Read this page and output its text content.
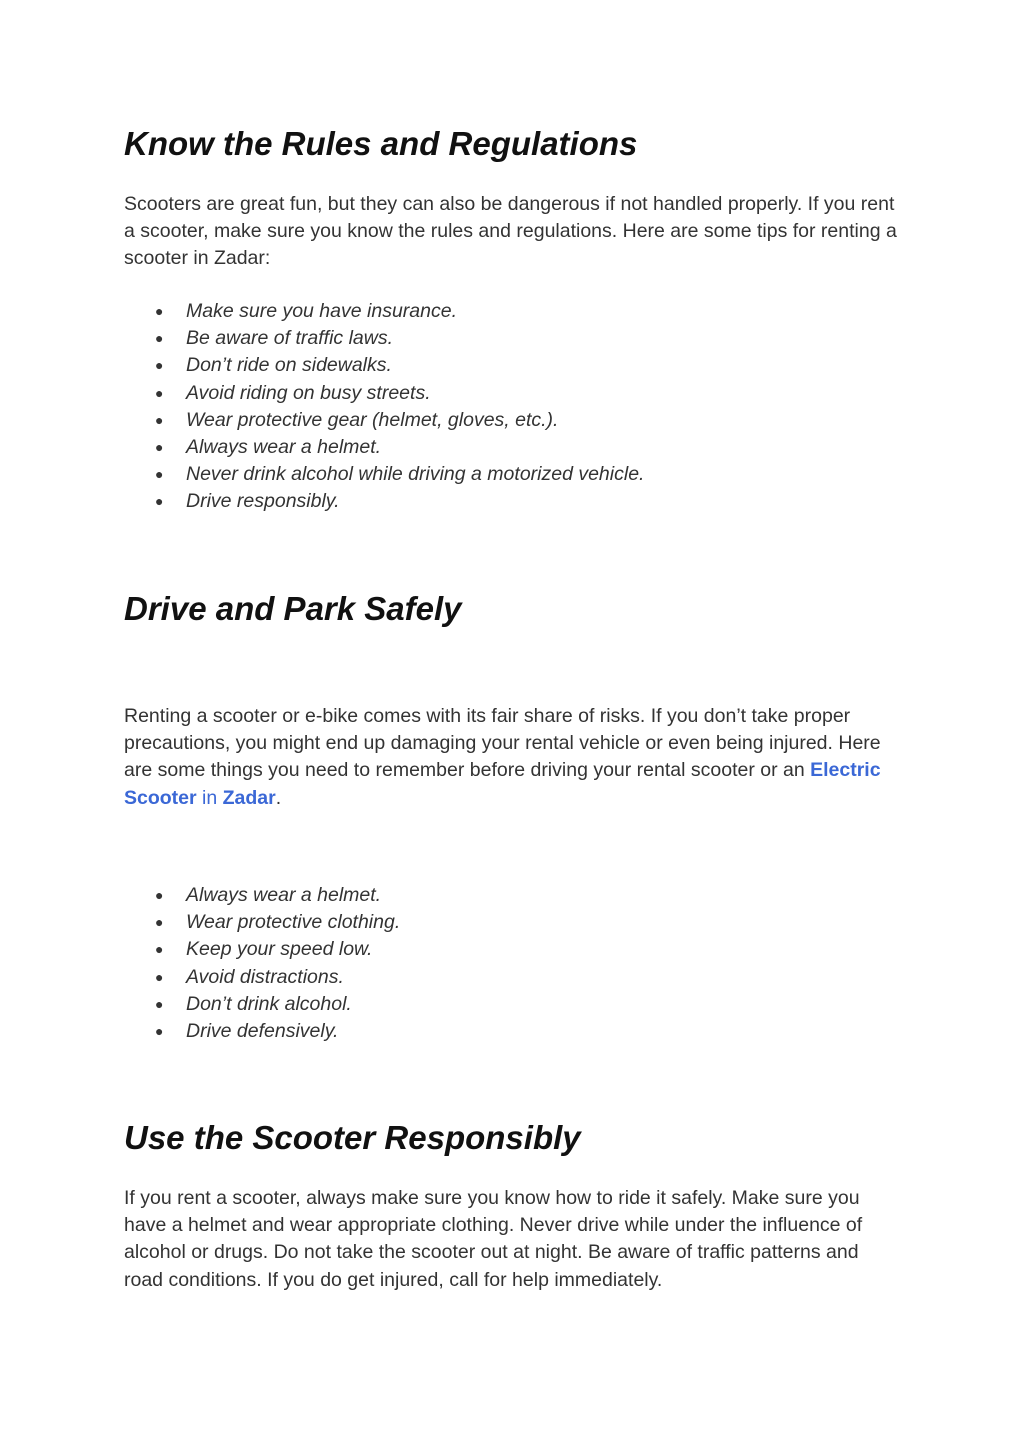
Know the Rules and Regulations

Scooters are great fun, but they can also be dangerous if not handled properly. If you rent a scooter, make sure you know the rules and regulations. Here are some tips for renting a scooter in Zadar:

● Make sure you have insurance.
● Be aware of traffic laws.
● Don’t ride on sidewalks.
● Avoid riding on busy streets.
● Wear protective gear (helmet, gloves, etc.).
● Always wear a helmet.
● Never drink alcohol while driving a motorized vehicle.
● Drive responsibly.
Drive and Park Safely

Renting a scooter or e-bike comes with its fair share of risks. If you don’t take proper precautions, you might end up damaging your rental vehicle or even being injured. Here are some things you need to remember before driving your rental scooter or an Electric Scooter in Zadar.

● Always wear a helmet.
● Wear protective clothing.
● Keep your speed low.
● Avoid distractions.
● Don’t drink alcohol.
● Drive defensively.
Use the Scooter Responsibly

If you rent a scooter, always make sure you know how to ride it safely. Make sure you have a helmet and wear appropriate clothing. Never drive while under the influence of alcohol or drugs. Do not take the scooter out at night. Be aware of traffic patterns and road conditions. If you do get injured, call for help immediately.
